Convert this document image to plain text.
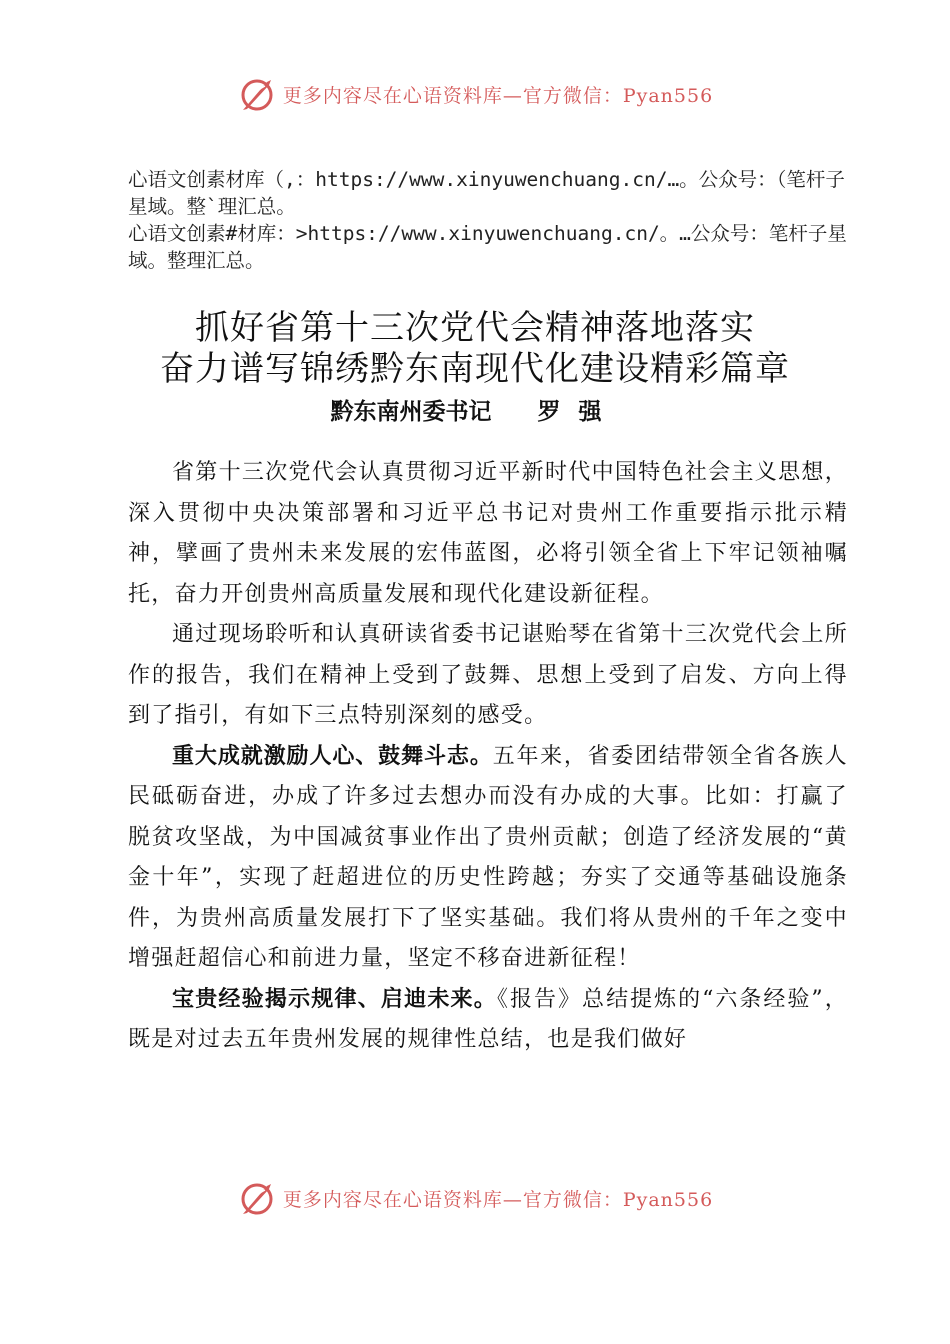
更多内容尽在心语资料库—官方微信：Pyan556

心语文创素材库（,：https://www.xinyuwenchuang.cn/…。公众号：（笔杆子星域。整`理汇总。

心语文创素#材库：>https://www.xinyuwenchuang.cn/。…公众号：笔杆子星域。整理汇总。

抓好省第十三次党代会精神落地落实
奋力谱写锦绣黔东南现代化建设精彩篇章
黔东南州委书记 罗强

省第十三次党代会认真贯彻习近平新时代中国特色社会主义思想，深入贯彻中央决策部署和习近平总书记对贵州工作重要指示批示精神，擘画了贵州未来发展的宏伟蓝图，必将引领全省上下牢记领袖嘱托，奋力开创贵州高质量发展和现代化建设新征程。

通过现场聆听和认真研读省委书记谌贻琴在省第十三次党代会上所作的报告，我们在精神上受到了鼓舞、思想上受到了启发、方向上得到了指引，有如下三点特别深刻的感受。

重大成就激励人心、鼓舞斗志。五年来，省委团结带领全省各族人民砥砺奋进，办成了许多过去想办而没有办成的大事。比如：打赢了脱贫攻坚战，为中国减贫事业作出了贵州贡献；创造了经济发展的“黄金十年”，实现了赶超进位的历史性跨越；夯实了交通等基础设施条件，为贵州高质量发展打下了坚实基础。我们将从贵州的千年之变中增强赶超信心和前进力量，坚定不移奋进新征程！

宝贵经验揭示规律、启迪未来。《报告》总结提炼的“六条经验”，既是对过去五年贵州发展的规律性总结，也是我们做好

更多内容尽在心语资料库—官方微信：Pyan556
